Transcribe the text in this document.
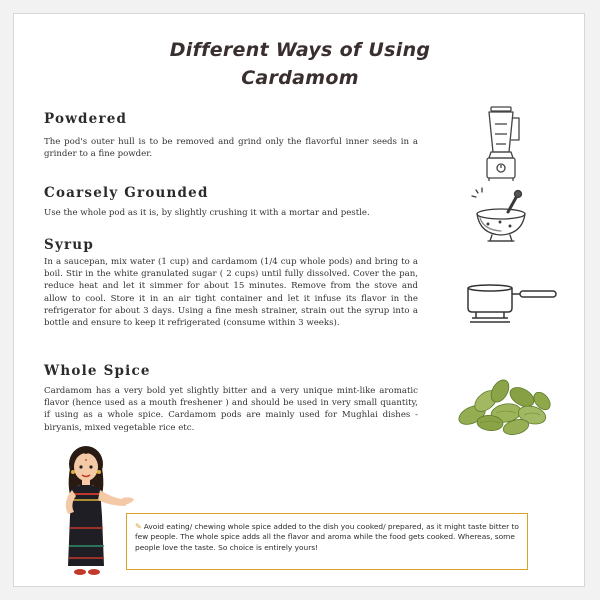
Different Ways of Using
Cardamom
Powdered

The pod's outer hull is to be removed and grind only the flavorful inner seeds in a grinder to a fine powder.

Coarsely Grounded

Use the whole pod as it is, by slightly crushing it with a mortar and pestle.

Syrup

In a saucepan, mix water (1 cup) and cardamom (1/4 cup whole pods) and bring to a boil. Stir in the white granulated sugar ( 2 cups) until fully dissolved. Cover the pan, reduce heat and let it simmer for about 15 minutes. Remove from the stove and allow to cool. Store it in an air tight container and let it infuse its flavor in the refrigerator for about 3 days. Using a fine mesh strainer, strain out the syrup into a bottle and ensure to keep it refrigerated (consume within 3 weeks).

Whole Spice

Cardamom has a very bold yet slightly bitter and a very unique mint-like aromatic flavor (hence used as a mouth freshener ) and should be used in very small quantity, if using as a whole spice. Cardamom pods are mainly used for Mughlai dishes - biryanis, mixed vegetable rice etc.

✎ Avoid eating/ chewing whole spice added to the dish you cooked/ prepared, as it might taste bitter to few people. The whole spice adds all the flavor and aroma while the food gets cooked. Whereas, some people love the taste. So choice is entirely yours!
